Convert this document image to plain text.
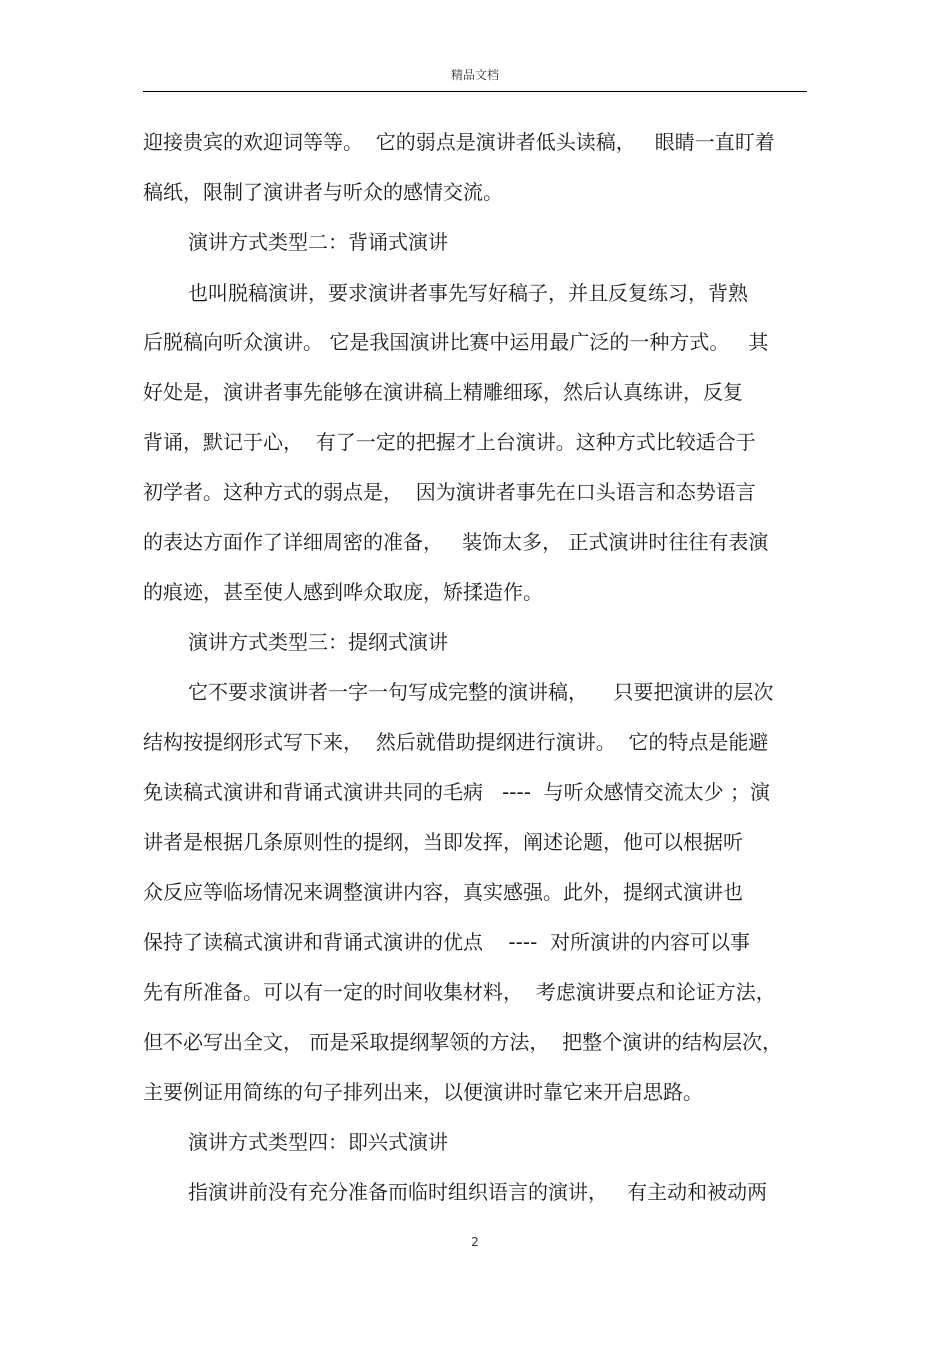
精品文档
迎接贵宾的欢迎词等等。  它的弱点是演讲者低头读稿，   眼睛一直盯着
稿纸，限制了演讲者与听众的感情交流。
演讲方式类型二：背诵式演讲
也叫脱稿演讲，要求演讲者事先写好稿子，并且反复练习，背熟
后脱稿向听众演讲。 它是我国演讲比赛中运用最广泛的一种方式。   其
好处是，演讲者事先能够在演讲稿上精雕细琢，然后认真练讲，反复
背诵，默记于心，  有了一定的把握才上台演讲。这种方式比较适合于
初学者。这种方式的弱点是，  因为演讲者事先在口头语言和态势语言
的表达方面作了详细周密的准备，   装饰太多， 正式演讲时往往有表演
的痕迹，甚至使人感到哗众取庞，矫揉造作。
演讲方式类型三：提纲式演讲
它不要求演讲者一字一句写成完整的演讲稿，    只要把演讲的层次
结构按提纲形式写下来，  然后就借助提纲进行演讲。  它的特点是能避
免读稿式演讲和背诵式演讲共同的毛病   ----  与听众感情交流太少 ；演
讲者是根据几条原则性的提纲，当即发挥，阐述论题，他可以根据听
众反应等临场情况来调整演讲内容，真实感强。此外，提纲式演讲也
保持了读稿式演讲和背诵式演讲的优点    ----  对所演讲的内容可以事
先有所准备。可以有一定的时间收集材料，  考虑演讲要点和论证方法，
但不必写出全文， 而是采取提纲挈领的方法，  把整个演讲的结构层次，
主要例证用简练的句子排列出来，以便演讲时靠它来开启思路。
演讲方式类型四：即兴式演讲
指演讲前没有充分准备而临时组织语言的演讲，   有主动和被动两
2
